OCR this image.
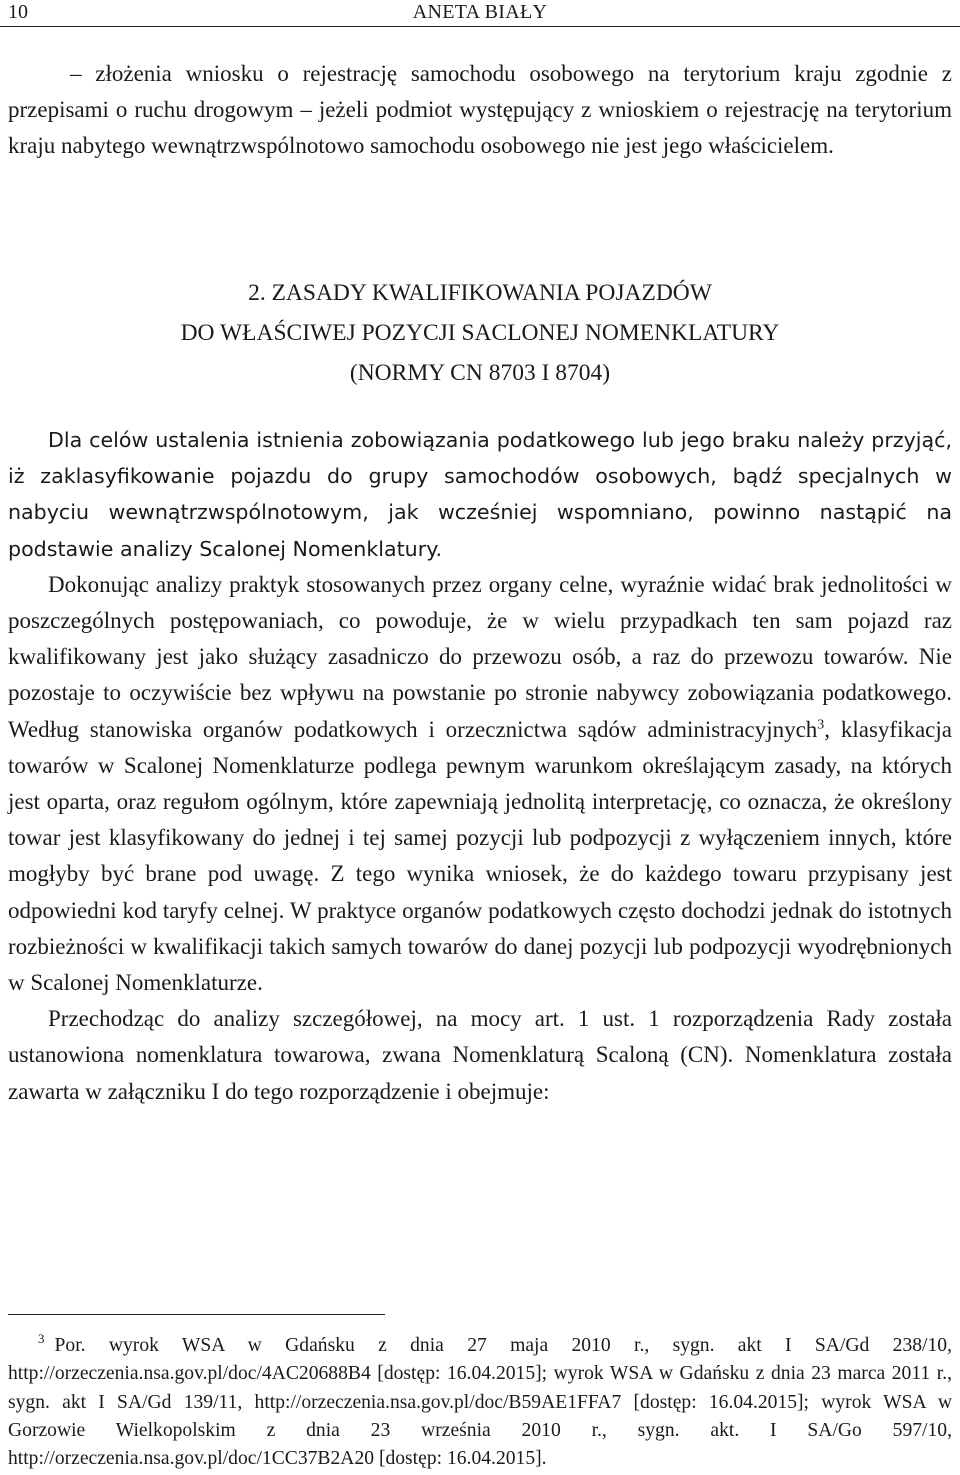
10	ANETA BIAŁY

– złożenia wniosku o rejestrację samochodu osobowego na terytorium kraju zgodnie z przepisami o ruchu drogowym – jeżeli podmiot występujący z wnioskiem o rejestrację na terytorium kraju nabytego wewnątrzwspólnotowo samochodu osobowego nie jest jego właścicielem.

2. ZASADY KWALIFIKOWANIA POJAZDÓW
DO WŁAŚCIWEJ POZYCJI SACLONEJ NOMENKLATURY
(NORMY CN 8703 I 8704)

Dla celów ustalenia istnienia zobowiązania podatkowego lub jego braku należy przyjąć, iż zaklasyfikowanie pojazdu do grupy samochodów osobowych, bądź specjalnych w nabyciu wewnątrzwspólnotowym, jak wcześniej wspomniano, powinno nastąpić na podstawie analizy Scalonej Nomenklatury.

Dokonując analizy praktyk stosowanych przez organy celne, wyraźnie widać brak jednolitości w poszczególnych postępowaniach, co powoduje, że w wielu przypadkach ten sam pojazd raz kwalifikowany jest jako służący zasadniczo do przewozu osób, a raz do przewozu towarów. Nie pozostaje to oczywiście bez wpływu na powstanie po stronie nabywcy zobowiązania podatkowego. Według stanowiska organów podatkowych i orzecznictwa sądów administracyjnych$^3$, klasyfikacja towarów w Scalonej Nomenklaturze podlega pewnym warunkom określającym zasady, na których jest oparta, oraz regułom ogólnym, które zapewniają jednolitą interpretację, co oznacza, że określony towar jest klasyfikowany do jednej i tej samej pozycji lub podpozycji z wyłączeniem innych, które mogłyby być brane pod uwagę. Z tego wynika wniosek, że do każdego towaru przypisany jest odpowiedni kod taryfy celnej. W praktyce organów podatkowych często dochodzi jednak do istotnych rozbieżności w kwalifikacji takich samych towarów do danej pozycji lub podpozycji wyodrębnionych w Scalonej Nomenklaturze.

Przechodząc do analizy szczegółowej, na mocy art. 1 ust. 1 rozporządzenia Rady została ustanowiona nomenklatura towarowa, zwana Nomenklaturą Scaloną (CN). Nomenklatura została zawarta w załączniku I do tego rozporządzenie i obejmuje:

$^3$ Por. wyrok WSA w Gdańsku z dnia 27 maja 2010 r., sygn. akt I SA/Gd 238/10, http://orzeczenia.nsa.gov.pl/doc/4AC20688B4 [dostęp: 16.04.2015]; wyrok WSA w Gdańsku z dnia 23 marca 2011 r., sygn. akt I SA/Gd 139/11, http://orzeczenia.nsa.gov.pl/doc/B59AE1FFA7 [dostęp: 16.04.2015]; wyrok WSA w Gorzowie Wielkopolskim z dnia 23 września 2010 r., sygn. akt. I SA/Go 597/10, http://orzeczenia.nsa.gov.pl/doc/1CC37B2A20 [dostęp: 16.04.2015].
